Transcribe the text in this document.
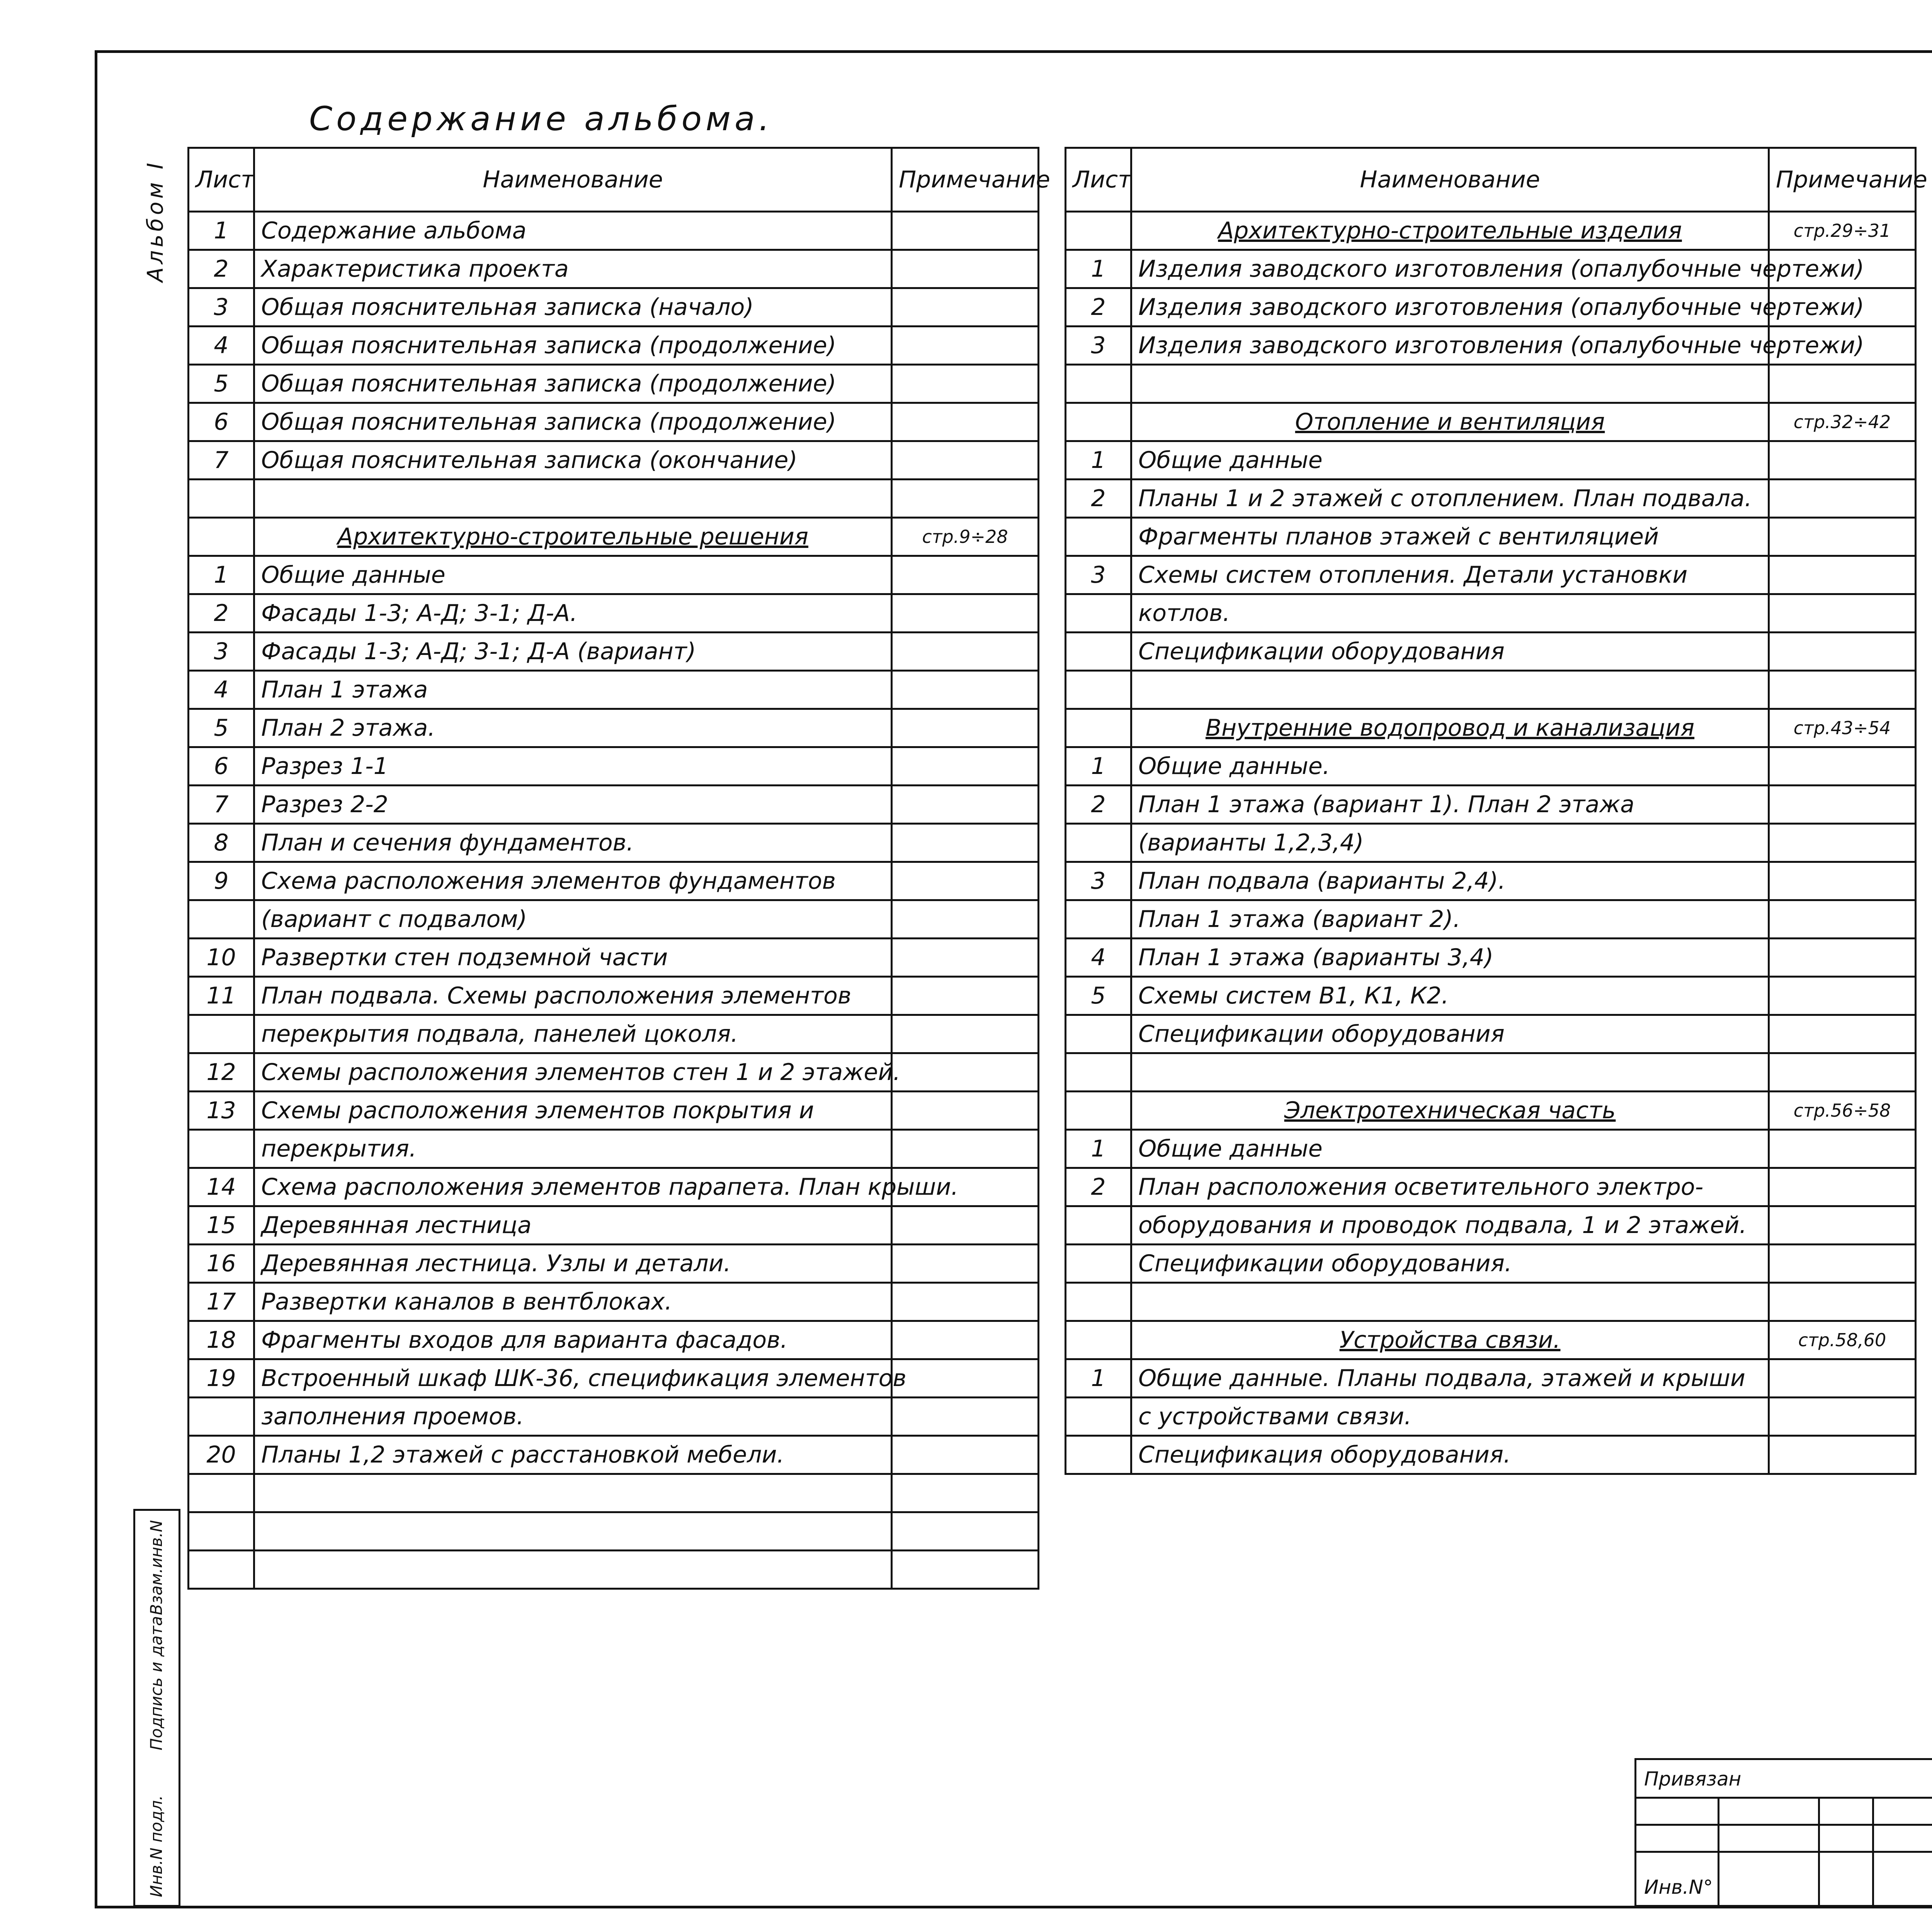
Содержание альбома.
Альбом I Лист	Наименование	Примечание
1	Содержание альбома	
2	Характеристика проекта	
3	Общая пояснительная записка (начало)	
4	Общая пояснительная записка (продолжение)	
5	Общая пояснительная записка (продолжение)	
6	Общая пояснительная записка (продолжение)	
7	Общая пояснительная записка (окончание)	

	Архитектурно-строительные решения	стр.9÷28
1	Общие данные	
2	Фасады 1-3; А-Д; 3-1; Д-А.	
3	Фасады 1-3; А-Д; 3-1; Д-А (вариант)	
4	План 1 этажа	
5	План 2 этажа.	
6	Разрез 1-1	
7	Разрез 2-2	
8	План и сечения фундаментов.	
9	Схема расположения элементов фундаментов	
	(вариант с подвалом)	
10	Развертки стен подземной части	
11	План подвала. Схемы расположения элементов	
	перекрытия подвала, панелей цоколя.	
12	Схемы расположения элементов стен 1 и 2 этажей.	
13	Схемы расположения элементов покрытия и	
	перекрытия.	
14	Схема расположения элементов парапета. План крыши.	
15	Деревянная лестница	
16	Деревянная лестница. Узлы и детали.	
17	Развертки каналов в вентблоках.	
18	Фрагменты входов для варианта фасадов.	
19	Встроенный шкаф ШК-36, спецификация элементов	
	заполнения проемов.	
20	Планы 1,2 этажей с расстановкой мебели.	

Лист	Наименование	Примечание
	Архитектурно-строительные изделия	стр.29÷31
1	Изделия заводского изготовления (опалубочные чертежи)	
2	Изделия заводского изготовления (опалубочные чертежи)	
3	Изделия заводского изготовления (опалубочные чертежи)	

	Отопление и вентиляция	стр.32÷42
1	Общие данные	
2	Планы 1 и 2 этажей с отоплением. План подвала.	
	Фрагменты планов этажей с вентиляцией	
3	Схемы систем отопления. Детали установки	
	котлов.	
	Спецификации оборудования	

	Внутренние водопровод и канализация	стр.43÷54
1	Общие данные.	
2	План 1 этажа (вариант 1). План 2 этажа	
	(варианты 1,2,3,4)	
3	План подвала (варианты 2,4).	
	План 1 этажа (вариант 2).	
4	План 1 этажа (варианты 3,4)	
5	Схемы систем В1, К1, К2.	
	Спецификации оборудования	

	Электротехническая часть	стр.56÷58
1	Общие данные	
2	План расположения осветительного электро-	
	оборудования и проводок подвала, 1 и 2 этажей.	
	Спецификации оборудования.	

	Устройства связи.	стр.58,60
1	Общие данные. Планы подвала, этажей и крыши	
	с устройствами связи.	
	Спецификация оборудования.	

Инв.N подл.
Подпись и дата
Взам.инв.N
Привязан
Инв.N°
